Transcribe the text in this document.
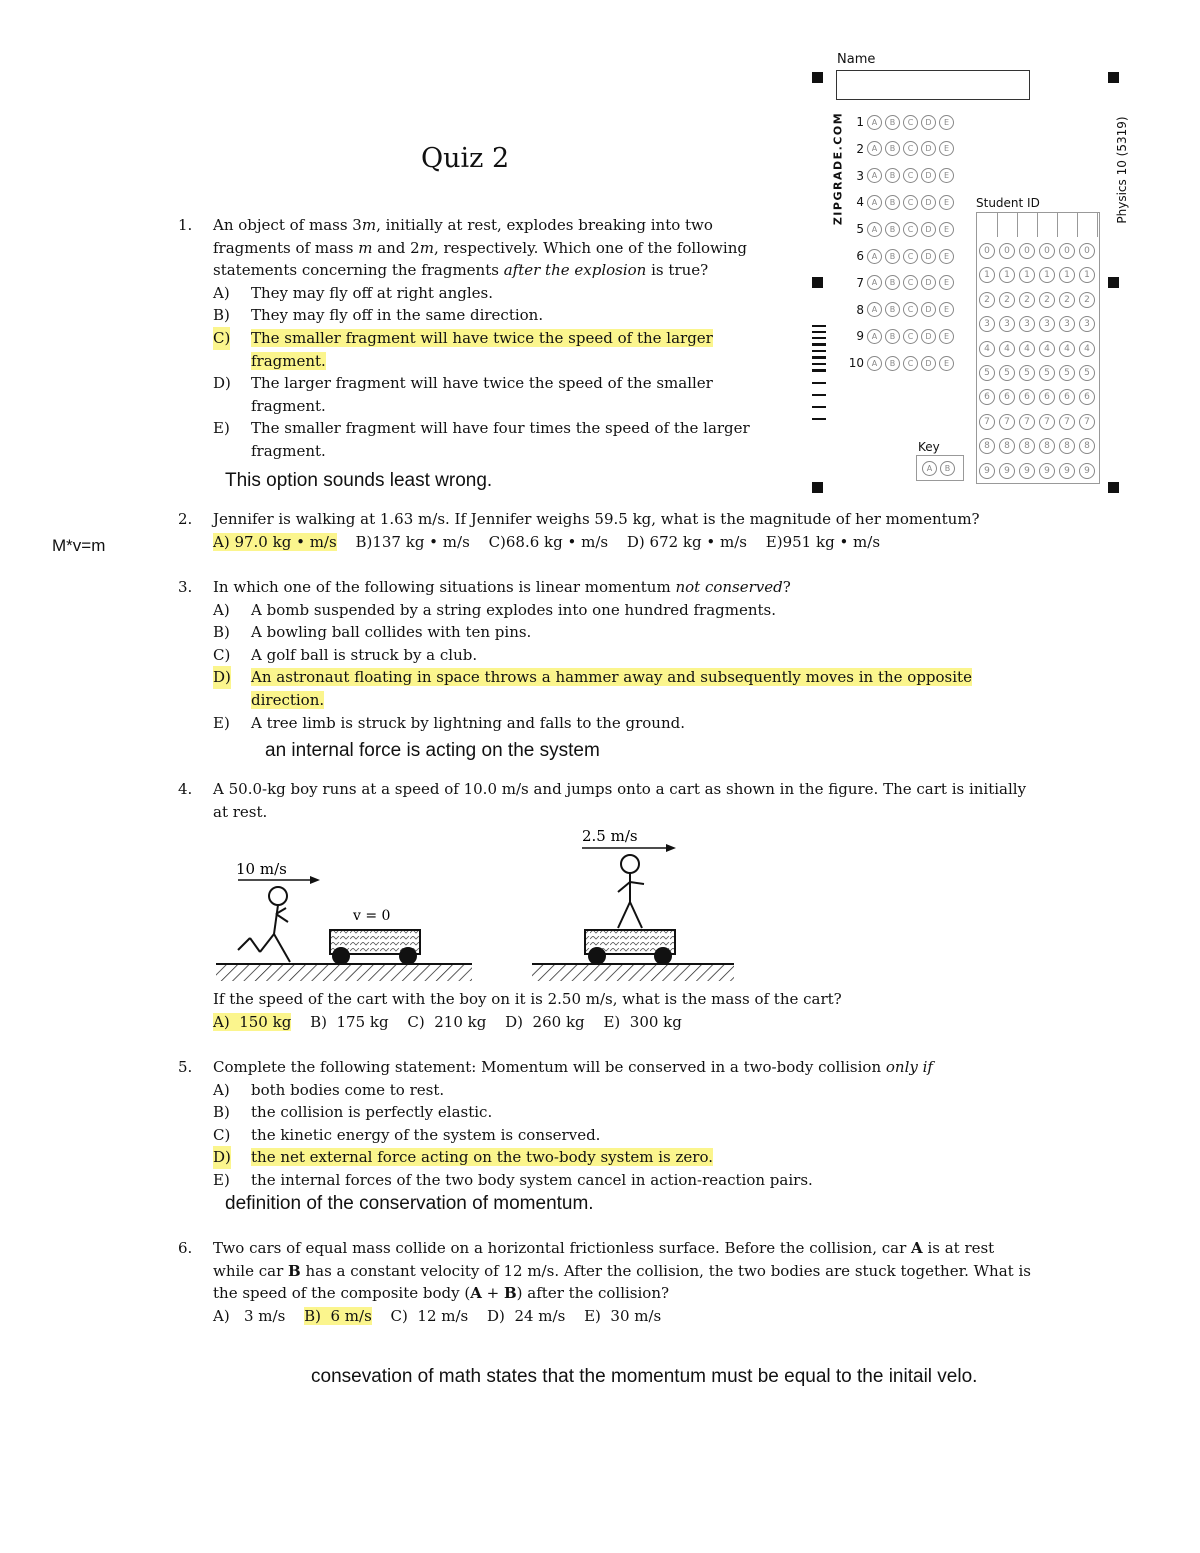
Name
ZIPGRADE.COM	Physics 10 (5319)
1 A	B	C	D	E
2 A	B	C	D	E
3 A	B	C	D	E
4 A	B	C	D	E
5 A	B	C	D	E
6 A	B	C	D	E
7 A	B	C	D	E
8 A	B	C	D	E
9 A	B	C	D	E
10 A	B	C	D	E
Student ID
0	0	0	0	0	0
1	1	1	1	1	1
2	2	2	2	2	2
3	3	3	3	3	3
4	4	4	4	4	4
5	5	5	5	5	5
6	6	6	6	6	6
7	7	7	7	7	7
8	8	8	8	8	8
9	9	9	9	9	9
Key
A	B
Quiz 2
1. An object of mass 3m, initially at rest, explodes breaking into two
fragments of mass m and 2m, respectively. Which one of the following
statements concerning the fragments after the explosion is true?
A) They may fly off at right angles.
B) They may fly off in the same direction.
C) The smaller fragment will have twice the speed of the larger
fragment.
D) The larger fragment will have twice the speed of the smaller
fragment.
E) The smaller fragment will have four times the speed of the larger
fragment.
This option sounds least wrong.
M*v=m
2. Jennifer is walking at 1.63 m/s. If Jennifer weighs 59.5 kg, what is the magnitude of her momentum?
A) 97.0 kg • m/s B)137 kg • m/s C)68.6 kg • m/s D) 672 kg • m/s E)951 kg • m/s
3. In which one of the following situations is linear momentum not conserved?
A) A bomb suspended by a string explodes into one hundred fragments.
B) A bowling ball collides with ten pins.
C) A golf ball is struck by a club.
D) An astronaut floating in space throws a hammer away and subsequently moves in the opposite
direction.
E) A tree limb is struck by lightning and falls to the ground.
an internal force is acting on the system
4. A 50.0-kg boy runs at a speed of 10.0 m/s and jumps onto a cart as shown in the figure. The cart is initially
at rest.
10 m/s
v = 0
2.5 m/s
If the speed of the cart with the boy on it is 2.50 m/s, what is the mass of the cart?
A)  150 kg B)  175 kg C)  210 kg D)  260 kg E)  300 kg
5. Complete the following statement: Momentum will be conserved in a two-body collision only if
A) both bodies come to rest.
B) the collision is perfectly elastic.
C) the kinetic energy of the system is conserved.
D) the net external force acting on the two-body system is zero.
E) the internal forces of the two body system cancel in action-reaction pairs.
definition of the conservation of momentum.
6. Two cars of equal mass collide on a horizontal frictionless surface. Before the collision, car A is at rest
while car B has a constant velocity of 12 m/s. After the collision, the two bodies are stuck together. What is
the speed of the composite body (A + B) after the collision?
A)   3 m/s B)  6 m/s C)  12 m/s D)  24 m/s E)  30 m/s
consevation of math states that the momentum must be equal to the initail velo.
